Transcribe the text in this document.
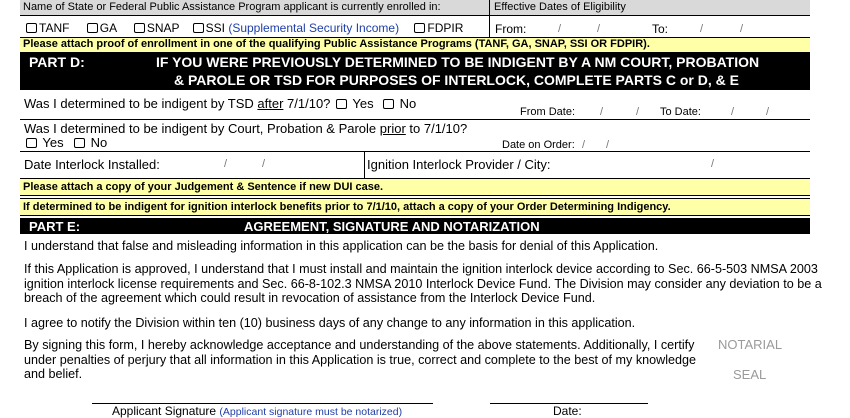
Name of State or Federal Public Assistance Program applicant is currently enrolled in:	Effective Dates of Eligibility
TANF	GA	SNAP SSI (Supplemental Security Income) FDPIR	From:	/	/	To:	/	/
Please attach proof of enrollment in one of the qualifying Public Assistance Programs (TANF, GA, SNAP, SSI OR FDPIR).
PART D:	IF YOU WERE PREVIOUSLY DETERMINED TO BE INDIGENT BY A NM COURT, PROBATION
& PAROLE OR TSD FOR PURPOSES OF INTERLOCK, COMPLETE PARTS C or D, & E
Was I determined to be indigent by TSD after 7/1/10?	Yes	No
From Date: /	/ To Date:	/	/
Was I determined to be indigent by Court, Probation & Parole prior to 7/1/10?
Yes	No	Date on Order: / /
Date Interlock Installed:	/	/	Ignition Interlock Provider / City:	/
Please attach a copy of your Judgement & Sentence if new DUI case.
If determined to be indigent for ignition interlock benefits prior to 7/1/10, attach a copy of your Order Determining Indigency.
PART E:	AGREEMENT, SIGNATURE AND NOTARIZATION
I understand that false and misleading information in this application can be the basis for denial of this Application.
If this Application is approved, I understand that I must install and maintain the ignition interlock device according to Sec. 66-5-503 NMSA 2003
ignition interlock license requirements and Sec. 66-8-102.3 NMSA 2010 Interlock Device Fund. The Division may consider any deviation to be a
breach of the agreement which could result in revocation of assistance from the Interlock Device Fund.
I agree to notify the Division within ten (10) business days of any change to any information in this application.
By signing this form, I hereby acknowledge acceptance and understanding of the above statements. Additionally, I certify
under penalties of perjury that all information in this Application is true, correct and complete to the best of my knowledge
and belief.
NOTARIAL
SEAL
Applicant Signature (Applicant signature must be notarized)	Date:
